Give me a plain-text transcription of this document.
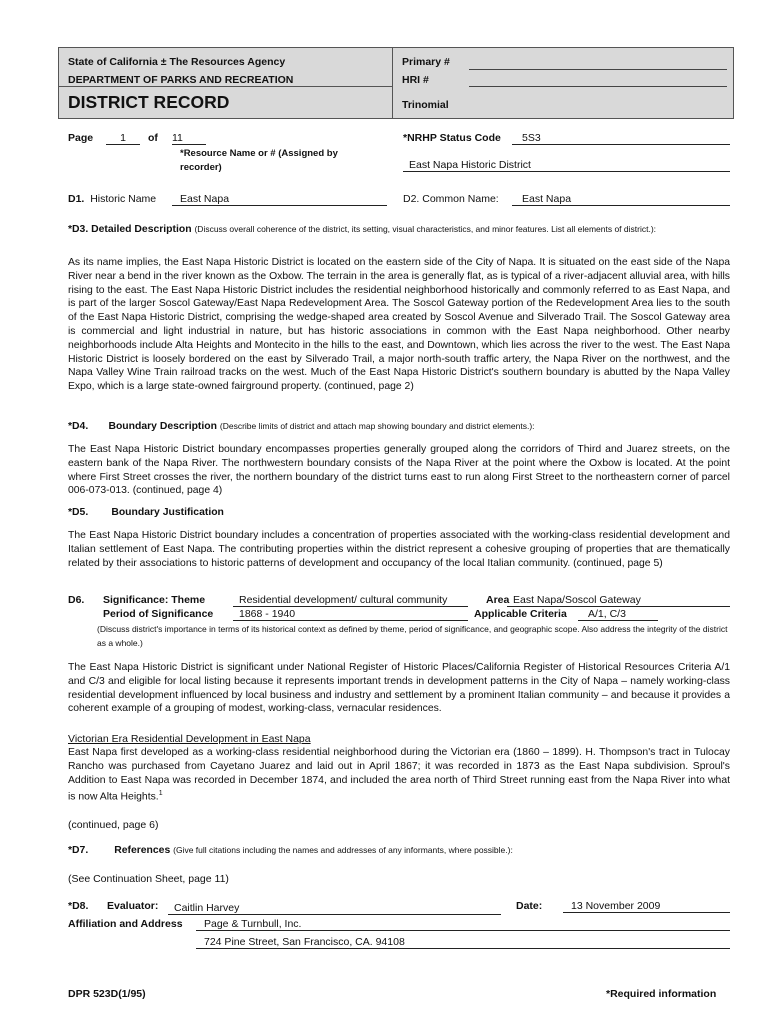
State of California ± The Resources Agency
DEPARTMENT OF PARKS AND RECREATION
DISTRICT RECORD
Primary #
HRI #
Trinomial
Page	1	of 11
*Resource Name or # (Assigned by
recorder)
*NRHP Status Code	5S3
East Napa Historic District
D1. Historic Name	East Napa	D2. Common Name:	East Napa
*D3. Detailed Description (Discuss overall coherence of the district, its setting, visual characteristics, and minor features. List all elements of district.):
As its name implies, the East Napa Historic District is located on the eastern side of the City of Napa. It is situated on the east side of the Napa River near a bend in the river known as the Oxbow. The terrain in the area is generally flat, as is typical of a river-adjacent alluvial area, with hills rising to the east. The East Napa Historic District includes the residential neighborhood historically and commonly referred to as East Napa, and is part of the larger Soscol Gateway/East Napa Redevelopment Area. The Soscol Gateway portion of the Redevelopment Area lies to the south of the East Napa Historic District, comprising the wedge-shaped area created by Soscol Avenue and Silverado Trail. The Soscol Gateway area is commercial and light industrial in nature, but has historic associations in common with the East Napa neighborhood. Other nearby neighborhoods include Alta Heights and Montecito in the hills to the east, and Downtown, which lies across the river to the west. The East Napa Historic District is loosely bordered on the east by Silverado Trail, a major north-south traffic artery, the Napa River on the northwest, and the Napa Valley Wine Train railroad tracks on the west. Much of the East Napa Historic District's southern boundary is abutted by the Napa Valley Expo, which is a large state-owned fairground property. (continued, page 2)
*D4. Boundary Description (Describe limits of district and attach map showing boundary and district elements.):
The East Napa Historic District boundary encompasses properties generally grouped along the corridors of Third and Juarez streets, on the eastern bank of the Napa River. The northwestern boundary consists of the Napa River at the point where the Oxbow is located. At the point where First Street crosses the river, the northern boundary of the district turns east to run along First Street to the northeastern corner of parcel 006-073-013. (continued, page 4)
*D5. Boundary Justification
The East Napa Historic District boundary includes a concentration of properties associated with the working-class residential development and Italian settlement of East Napa. The contributing properties within the district represent a cohesive grouping of properties that are thematically related by their associations to historic patterns of development and occupancy of the local Italian community. (continued, page 5)
D6. Significance: Theme	Residential development/ cultural community	Area East Napa/Soscol Gateway
Period of Significance	1868 - 1940	Applicable Criteria	A/1, C/3
(Discuss district's importance in terms of its historical context as defined by theme, period of significance, and geographic scope. Also address the integrity of the district as a whole.)
The East Napa Historic District is significant under National Register of Historic Places/California Register of Historical Resources Criteria A/1 and C/3 and eligible for local listing because it represents important trends in development patterns in the City of Napa – namely working-class residential development influenced by local business and industry and settlement by a prominent Italian community – and because it provides a coherent example of a grouping of modest, working-class, vernacular residences.
Victorian Era Residential Development in East Napa
East Napa first developed as a working-class residential neighborhood during the Victorian era (1860 – 1899). H. Thompson's tract in Tulocay Rancho was purchased from Cayetano Juarez and laid out in April 1867; it was recorded in 1873 as the East Napa subdivision. Sproul's Addition to East Napa was recorded in December 1874, and included the area north of Third Street running east from the Napa River into what is now Alta Heights.$^1$
(continued, page 6)
*D7. References (Give full citations including the names and addresses of any informants, where possible.):
(See Continuation Sheet, page 11)
*D8. Evaluator:	Caitlin Harvey	Date:	13 November 2009
Affiliation and Address	Page & Turnbull, Inc.
724 Pine Street, San Francisco, CA. 94108
DPR 523D(1/95)	*Required information
